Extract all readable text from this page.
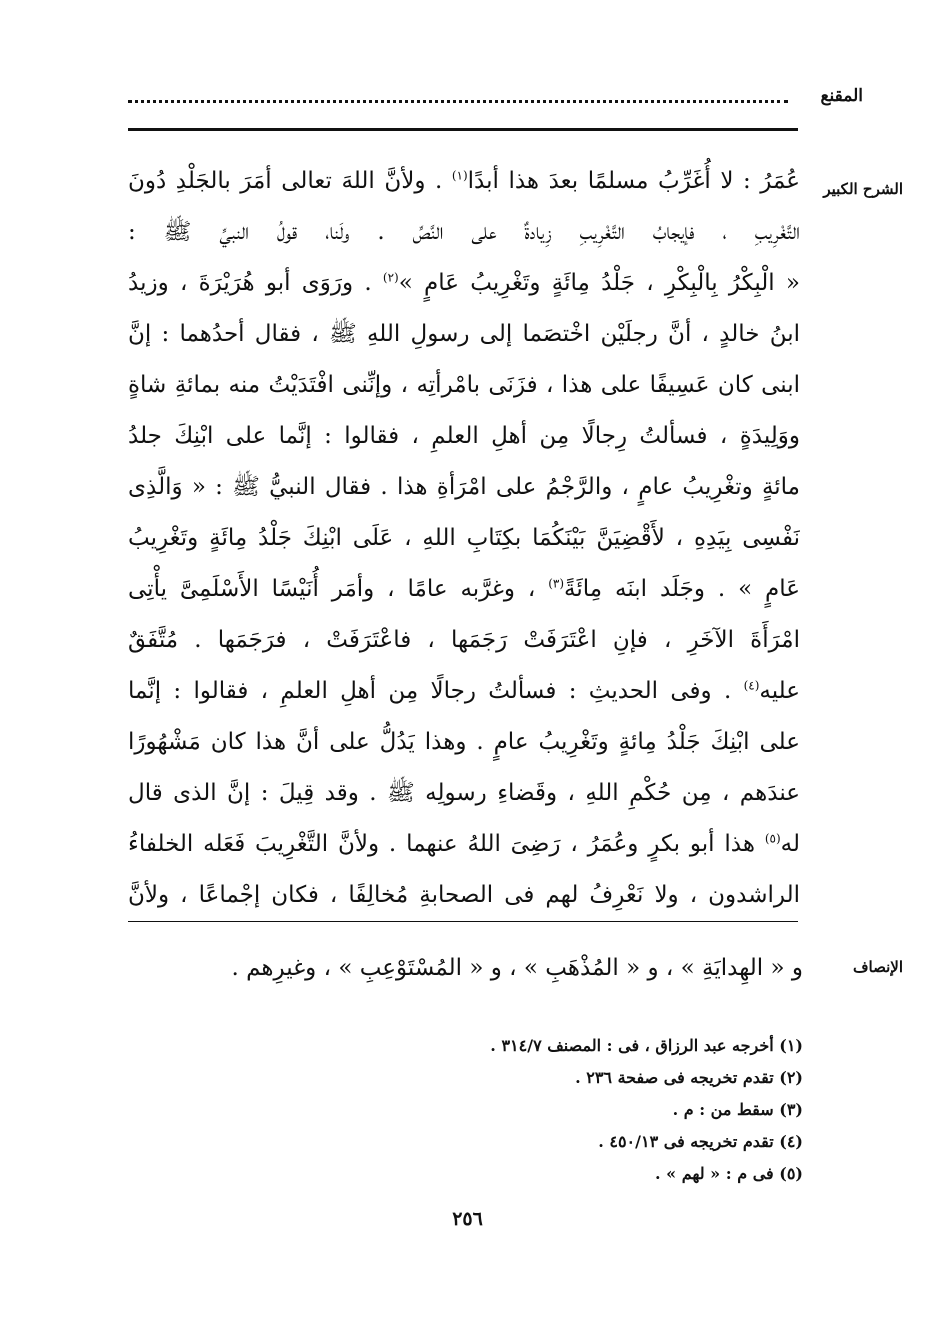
المقنع
الشرح الكبير
عُمَرُ : لا أُغَرِّبُ مسلمًا بعدَ هذا أبدًا$^{(١)}$ . ولأنَّ اللهَ تعالى أمَرَ بالجَلْدِ دُونَ
التَّغْرِيبِ ، فإيجابُ التَّغْرِيبِ زِيادةٌ على النَّصِّ . ولَنا، قولُ النبيِّ ﷺ :
« الْبِكْرُ بِالْبِكْرِ ، جَلْدُ مِائَةٍ وتَغْرِيبُ عَامٍ »$^{(٢)}$ . ورَوَى أبو هُرَيْرَةَ ، وزيدُ
ابنُ خالدٍ ، أنَّ رجلَيْن اخْتصَما إلى رسولِ اللهِ ﷺ ، فقال أحدُهما : إنَّ
ابنى كان عَسِيفًا على هذا ، فزَنَى بامْرأتِه ، وإنِّنى افْتَدَيْتُ منه بمائةِ شاةٍ
ووَلِيدَةٍ ، فسألتُ رِجالًا مِن أهلِ العلمِ ، فقالوا : إنَّما على ابْنِكَ جلدُ
مائةٍ وتغْرِيبُ عامٍ ، والرَّجْمُ على امْرَأةِ هذا . فقال النبيُّ ﷺ : « وَالَّذِى
نَفْسِى بِيَدِهِ ، لأَقْضِيَنَّ بَيْنَكُمَا بكِتَابِ اللهِ ، عَلَى ابْنِكَ جَلْدُ مِائَةٍ وتَغْرِيبُ
عَامٍ » . وجَلَد ابنَه مِائَةً$^{(٣)}$ ، وغرَّبه عامًا ، وأمَر أُنَيْسًا الأَسْلَمِىَّ يأْتِى
امْرَأَةَ الآخَرِ ، فإنِ اعْتَرَفَتْ رَجَمَها ، فاعْتَرَفَتْ ، فرَجَمَها . مُتَّفَقٌ
عليه$^{(٤)}$ . وفى الحديثِ : فسألتُ رجالًا مِن أهلِ العلمِ ، فقالوا : إنَّما
على ابْنِكَ جَلْدُ مِائةٍ وتَغْرِيبُ عامٍ . وهذا يَدُلُّ على أنَّ هذا كان مَشْهُورًا
عندَهم ، مِن حُكْمِ اللهِ ، وقَضاءِ رسولِه ﷺ . وقد قِيلَ : إنَّ الذى قال
له$^{(٥)}$ هذا أبو بكرٍ وعُمَرُ ، رَضِىَ اللهُ عنهما . ولأنَّ التَّغْرِيبَ فَعَله الخلفاءُ
الراشدون ، ولا نَعْرِفُ لهم فى الصحابةِ مُخالِفًا ، فكان إجْماعًا ، ولأنَّ
الإنصاف
و « الهِدايَةِ » ، و « المُذْهَبِ » ، و « المُسْتَوْعِبِ » ، وغيرِهم .
(١) أخرجه عبد الرزاق ، فى : المصنف ٣١٤/٧ .
(٢) تقدم تخريجه فى صفحة ٢٣٦ .
(٣) سقط من : م .
(٤) تقدم تخريجه فى ٤٥٠/١٣ .
(٥) فى م : « لهم » .
٢٥٦
